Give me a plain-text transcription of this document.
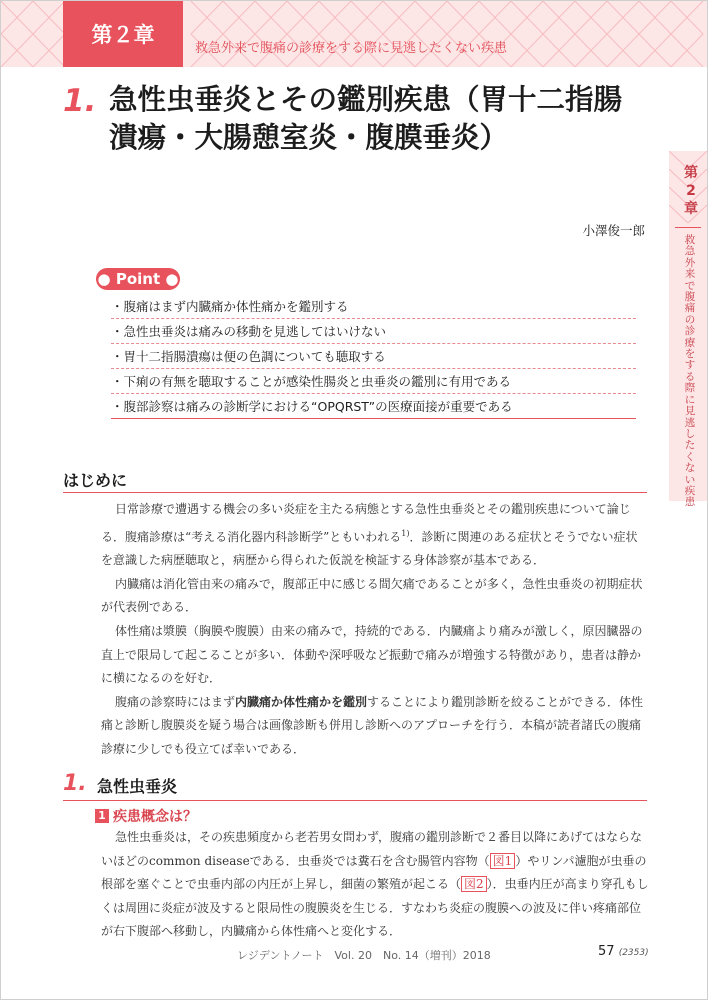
第２章
救急外来で腹痛の診療をする際に見逃したくない疾患
1. 急性虫垂炎とその鑑別疾患（胃十二指腸潰瘍・大腸憩室炎・腹膜垂炎）
第2章
救急外来で腹痛の診療をする際に見逃したくない疾患
小澤俊一郎
● Point ●
・腹痛はまず内臓痛か体性痛かを鑑別する
・急性虫垂炎は痛みの移動を見逃してはいけない
・胃十二指腸潰瘍は便の色調についても聴取する
・下痢の有無を聴取することが感染性腸炎と虫垂炎の鑑別に有用である
・腹部診察は痛みの診断学における“OPQRST”の医療面接が重要である
はじめに

日常診療で遭遇する機会の多い炎症を主たる病態とする急性虫垂炎とその鑑別疾患について論じる．腹痛診療は“考える消化器内科診断学”ともいわれる$^{1)}$．診断に関連のある症状とそうでない症状を意識した病歴聴取と，病歴から得られた仮説を検証する身体診察が基本である．

内臓痛は消化管由来の痛みで，腹部正中に感じる間欠痛であることが多く，急性虫垂炎の初期症状が代表例である．

体性痛は漿膜（胸膜や腹膜）由来の痛みで，持続的である．内臓痛より痛みが激しく，原因臓器の直上で限局して起こることが多い．体動や深呼吸など振動で痛みが増強する特徴があり，患者は静かに横になるのを好む．

腹痛の診察時にはまず内臓痛か体性痛かを鑑別することにより鑑別診断を絞ることができる．体性痛と診断し腹膜炎を疑う場合は画像診断も併用し診断へのアプローチを行う．本稿が読者諸氏の腹痛診療に少しでも役立てば幸いである．

1. 急性虫垂炎
1 疾患概念は？

急性虫垂炎は，その疾患頻度から老若男女問わず，腹痛の鑑別診断で２番目以降にあげてはならないほどのcommon diseaseである．虫垂炎では糞石を含む腸管内容物（ 図1 ）やリンパ濾胞が虫垂の根部を塞ぐことで虫垂内部の内圧が上昇し，細菌の繁殖が起こる（ 図2 ）．虫垂内圧が高まり穿孔もしくは周囲に炎症が波及すると限局性の腹膜炎を生じる．すなわち炎症の腹膜への波及に伴い疼痛部位が右下腹部へ移動し，内臓痛から体性痛へと変化する．

レジデントノート　Vol. 20　No. 14（増刊）2018	57 (2353)
